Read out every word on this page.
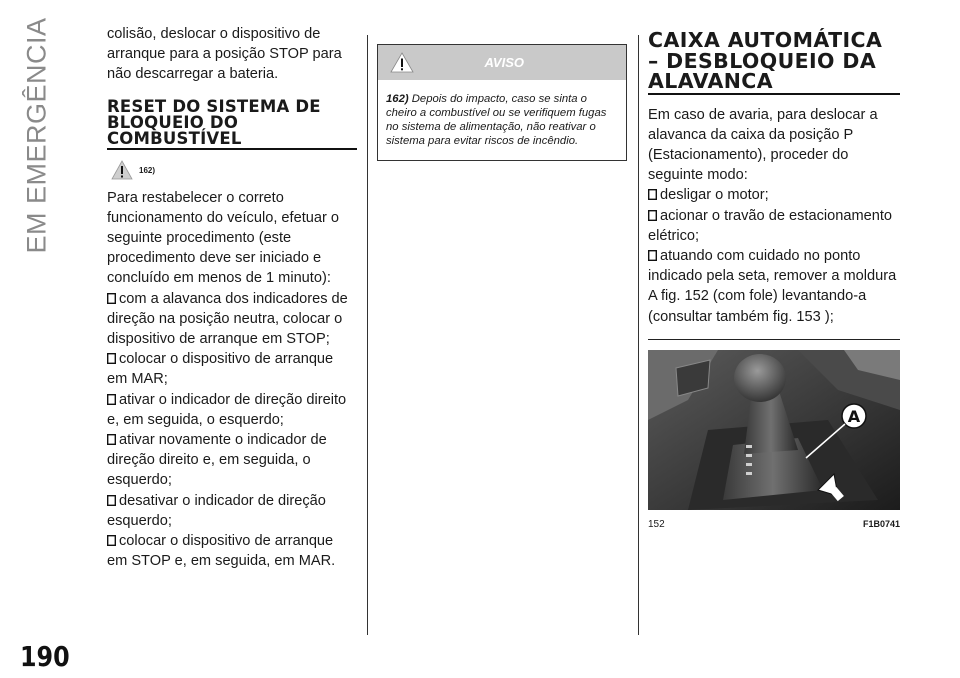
EM EMERGÊNCIA
190

colisão, deslocar o dispositivo de arranque para a posição STOP para não descarregar a bateria.

RESET DO SISTEMA DE BLOQUEIO DO COMBUSTÍVEL
162)

Para restabelecer o correto funcionamento do veículo, efetuar o seguinte procedimento (este procedimento deve ser iniciado e concluído em menos de 1 minuto):

com a alavanca dos indicadores de direção na posição neutra, colocar o dispositivo de arranque em STOP;

colocar o dispositivo de arranque em MAR;

ativar o indicador de direção direito e, em seguida, o esquerdo;

ativar novamente o indicador de direção direito e, em seguida, o esquerdo;

desativar o indicador de direção esquerdo;

colocar o dispositivo de arranque em STOP e, em seguida, em MAR.

AVISO
162) Depois do impacto, caso se sinta o cheiro a combustível ou se verifiquem fugas no sistema de alimentação, não reativar o sistema para evitar riscos de incêndio.
CAIXA AUTOMÁTICA – DESBLOQUEIO DA ALAVANCA

Em caso de avaria, para deslocar a alavanca da caixa da posição P (Estacionamento), proceder do seguinte modo:

desligar o motor;

acionar o travão de estacionamento elétrico;

atuando com cuidado no ponto indicado pela seta, remover a moldura A fig. 152 (com fole) levantando-a (consultar também fig. 153 );

A
152	F1B0741
